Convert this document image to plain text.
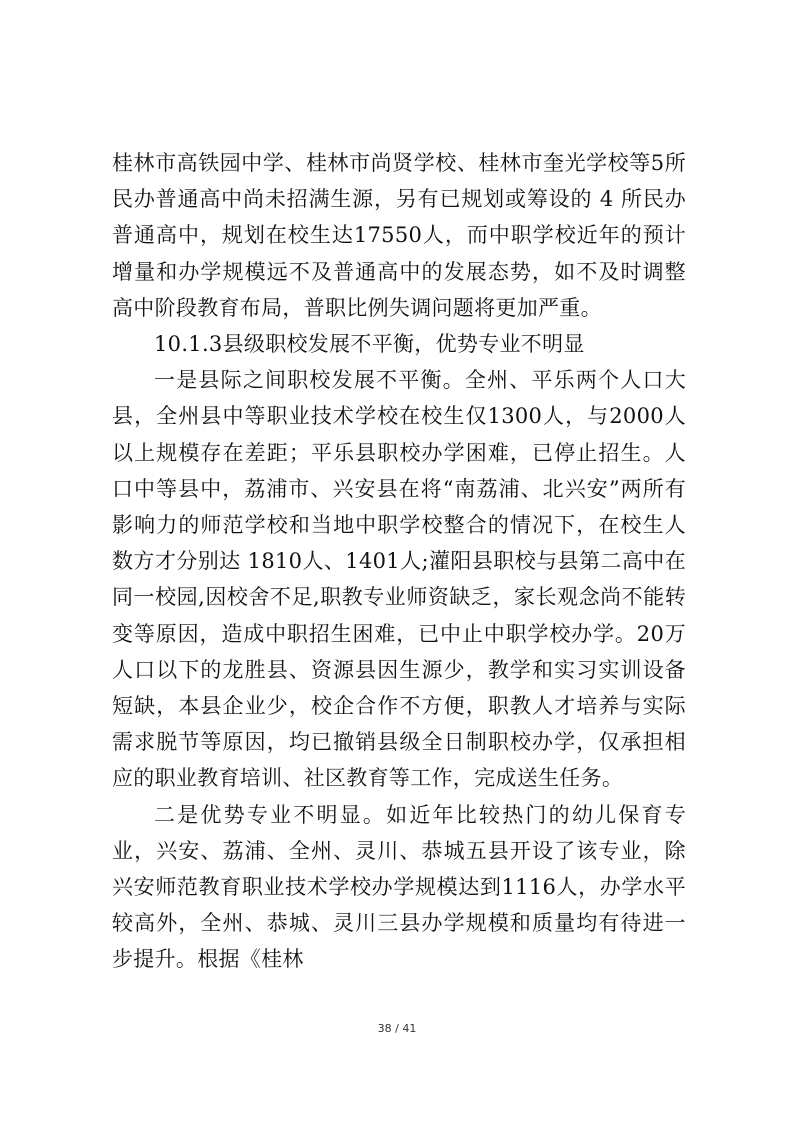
桂林市高铁园中学、桂林市尚贤学校、桂林市奎光学校等5所民办普通高中尚未招满生源，另有已规划或筹设的 4 所民办普通高中，规划在校生达17550人，而中职学校近年的预计增量和办学规模远不及普通高中的发展态势，如不及时调整高中阶段教育布局，普职比例失调问题将更加严重。

10.1.3县级职校发展不平衡，优势专业不明显

一是县际之间职校发展不平衡。全州、平乐两个人口大县，全州县中等职业技术学校在校生仅1300人，与2000人以上规模存在差距；平乐县职校办学困难，已停止招生。人口中等县中，荔浦市、兴安县在将“南荔浦、北兴安”两所有影响力的师范学校和当地中职学校整合的情况下，在校生人数方才分别达 1810人、1401人;灌阳县职校与县第二高中在同一校园,因校舍不足,职教专业师资缺乏，家长观念尚不能转变等原因，造成中职招生困难，已中止中职学校办学。20万人口以下的龙胜县、资源县因生源少，教学和实习实训设备短缺，本县企业少，校企合作不方便，职教人才培养与实际需求脱节等原因，均已撤销县级全日制职校办学，仅承担相应的职业教育培训、社区教育等工作，完成送生任务。

二是优势专业不明显。如近年比较热门的幼儿保育专业，兴安、荔浦、全州、灵川、恭城五县开设了该专业，除兴安师范教育职业技术学校办学规模达到1116人，办学水平较高外，全州、恭城、灵川三县办学规模和质量均有待进一步提升。根据《桂林

38 / 41
